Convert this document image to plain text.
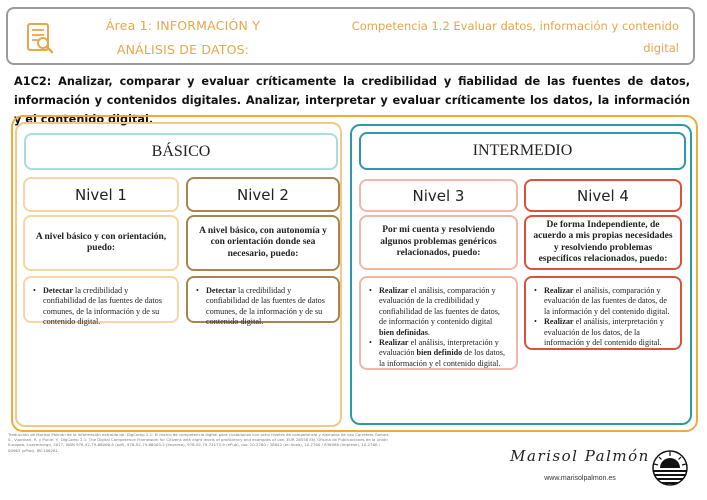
Área 1: INFORMACIÓN Y
ANÁLISIS DE DATOS:
Competencia 1.2 Evaluar datos, información y contenido
digital
A1C2: Analizar, comparar y evaluar críticamente la credibilidad y fiabilidad de las fuentes de datos, información y contenidos digitales. Analizar, interpretar y evaluar críticamente los datos, la información y el contenido digital.
BÁSICO	INTERMEDIO
Nivel 1	Nivel 2	Nivel 3	Nivel 4
A nivel básico y con orientación, puedo:
A nivel básico, con autonomía y con orientación donde sea necesario, puedo:
Por mi cuenta y resolviendo algunos problemas genéricos relacionados, puedo:
De forma Independiente, de acuerdo a mis propias necesidades y resolviendo problemas específicos relacionados, puedo:
• Detectar la credibilidad y confiabilidad de las fuentes de datos comunes, de la información y de su contenido digital.
• Detectar la credibilidad y confiabilidad de las fuentes de datos comunes, de la información y de su contenido digital.
• Realizar el análisis, comparación y evaluación de la credibilidad y confiabilidad de las fuentes de datos, de información y contenido digital bien definidas.
• Realizar el análisis, interpretación y evaluación bien definido de los datos, la información y el contenido digital.
• Realizar el análisis, comparación y evaluación de las fuentes de datos, de la información y del contenido digital.
• Realizar el análisis, interpretación y evaluación de los datos, de la información y del contenido digital.
Traducción de Marisol Palmón de la información extraída de: DigComp 2.1: El marco de competencia digital para ciudadanos con ocho niveles de competencia y ejemplos de uso Carretero Gomez, S., Vuorikari, R. y Punie, Y., DigComp 2.1: The Digital Competence Framework for Citizens with eight levels of proficiency and examples of use, EUR 28558 EN, Oficina de Publicaciones de la Unión Europea, Luxemburgo, 2017, ISBN 978-92-79-68006-9 (pdf), 978-92-79-68005-2 (impreso), 978-92-79-74173-9 (ePub), doi: 10.2760 / 38842 (en línea), 10.2760 / 836968 (impreso), 10.2760 / 00963 (ePub), JRC106281.	Marisol Palmón
www.marisolpalmon.es
